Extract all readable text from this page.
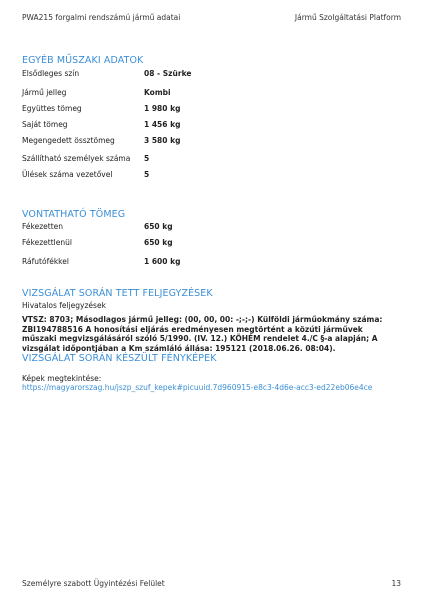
PWA215 forgalmi rendszámú jármű adatai	Jármű Szolgáltatási Platform
EGYÉB MŰSZAKI ADATOK
Elsődleges szín	08 - Szürke
Jármű jelleg	Kombi
Együttes tömeg	1 980 kg
Saját tömeg	1 456 kg
Megengedett össztömeg	3 580 kg
Szállítható személyek száma 5
Ülések száma vezetővel	5
VONTATHATÓ TÖMEG
Fékezetten	650 kg
Fékezettlenül	650 kg
Ráfutófékkel	1 600 kg
VIZSGÁLAT SORÁN TETT FELJEGYZÉSEK
Hivatalos feljegyzések
VTSZ: 8703; Másodlagos jármű jelleg: (00, 00, 00: -;-;-) Külföldi járműokmány száma: ZBI194788516 A honosítási eljárás eredményesen megtörtént a közúti járművek műszaki megvizsgálásáról szóló 5/1990. (IV. 12.) KÖHÉM rendelet 4./C §-a alapján; A vizsgálat időpontjában a Km számláló állása: 195121 (2018.06.26. 08:04).
VIZSGÁLAT SORÁN KÉSZÜLT FÉNYKÉPEK
Képek megtekintése:
https://magyarorszag.hu/jszp_szuf_kepek#picuuid.7d960915-e8c3-4d6e-acc3-ed22eb06e4ce
Személyre szabott Ügyintézési Felület	13
